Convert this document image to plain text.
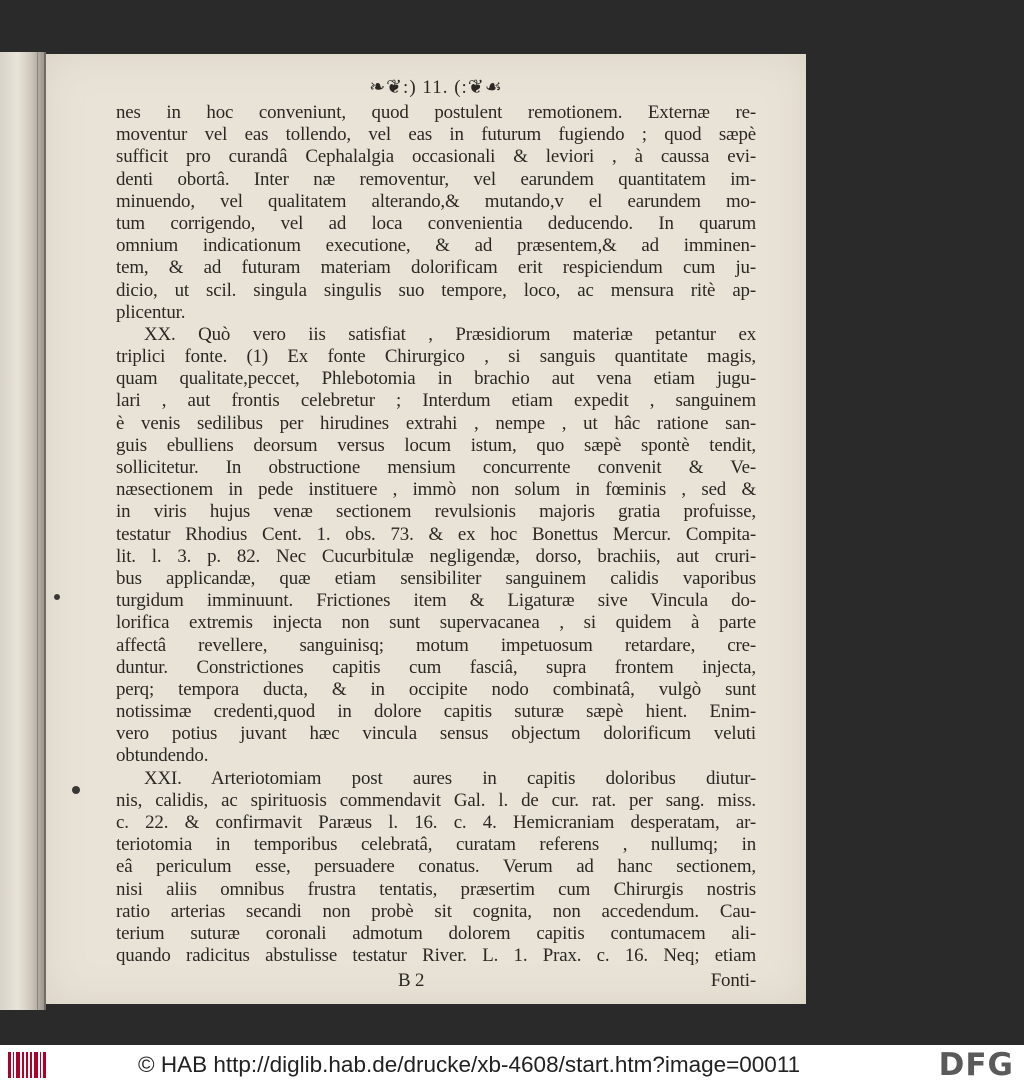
❧❦:) 11. (:❦☙
nes in hoc conveniunt, quod postulent remotionem. Externæ re-
moventur vel eas tollendo, vel eas in futurum fugiendo ; quod sæpè
sufficit pro curandâ Cephalalgia occasionali & leviori , à caussa evi-
denti obortâ. Inter næ removentur, vel earundem quantitatem im-
minuendo, vel qualitatem alterando,& mutando,v el earundem mo-
tum corrigendo, vel ad loca convenientia deducendo. In quarum
omnium indicationum executione, & ad præsentem,& ad imminen-
tem, & ad futuram materiam dolorificam erit respiciendum cum ju-
dicio, ut scil. singula singulis suo tempore, loco, ac mensura ritè ap-
plicentur.
XX. Quò vero iis satisfiat , Præsidiorum materiæ petantur ex
triplici fonte. (1) Ex fonte Chirurgico , si sanguis quantitate magis,
quam qualitate,peccet, Phlebotomia in brachio aut vena etiam jugu-
lari , aut frontis celebretur ; Interdum etiam expedit , sanguinem
è venis sedilibus per hirudines extrahi , nempe , ut hâc ratione san-
guis ebulliens deorsum versus locum istum, quo sæpè spontè tendit,
sollicitetur. In obstructione mensium concurrente convenit & Ve-
næsectionem in pede instituere , immò non solum in fœminis , sed &
in viris hujus venæ sectionem revulsionis majoris gratia profuisse,
testatur Rhodius Cent. 1. obs. 73. & ex hoc Bonettus Mercur. Compita-
lit. l. 3. p. 82. Nec Cucurbitulæ negligendæ, dorso, brachiis, aut cruri-
bus applicandæ, quæ etiam sensibiliter sanguinem calidis vaporibus
turgidum imminuunt. Frictiones item & Ligaturæ sive Vincula do-
lorifica extremis injecta non sunt supervacanea , si quidem à parte
affectâ revellere, sanguinisq; motum impetuosum retardare, cre-
duntur. Constrictiones capitis cum fasciâ, supra frontem injecta,
perq; tempora ducta, & in occipite nodo combinatâ, vulgò sunt
notissimæ credenti,quod in dolore capitis suturæ sæpè hient. Enim-
vero potius juvant hæc vincula sensus objectum dolorificum veluti
obtundendo.
XXI. Arteriotomiam post aures in capitis doloribus diutur-
nis, calidis, ac spirituosis commendavit Gal. l. de cur. rat. per sang. miss.
c. 22. & confirmavit Paræus l. 16. c. 4. Hemicraniam desperatam, ar-
teriotomia in temporibus celebratâ, curatam referens , nullumq; in
eâ periculum esse, persuadere conatus. Verum ad hanc sectionem,
nisi aliis omnibus frustra tentatis, præsertim cum Chirurgis nostris
ratio arterias secandi non probè sit cognita, non accedendum. Cau-
terium suturæ coronali admotum dolorem capitis contumacem ali-
quando radicitus abstulisse testatur River. L. 1. Prax. c. 16. Neq; etiam
B 2	Fonti-
© HAB http://diglib.hab.de/drucke/xb-4608/start.htm?image=00011	DFG
